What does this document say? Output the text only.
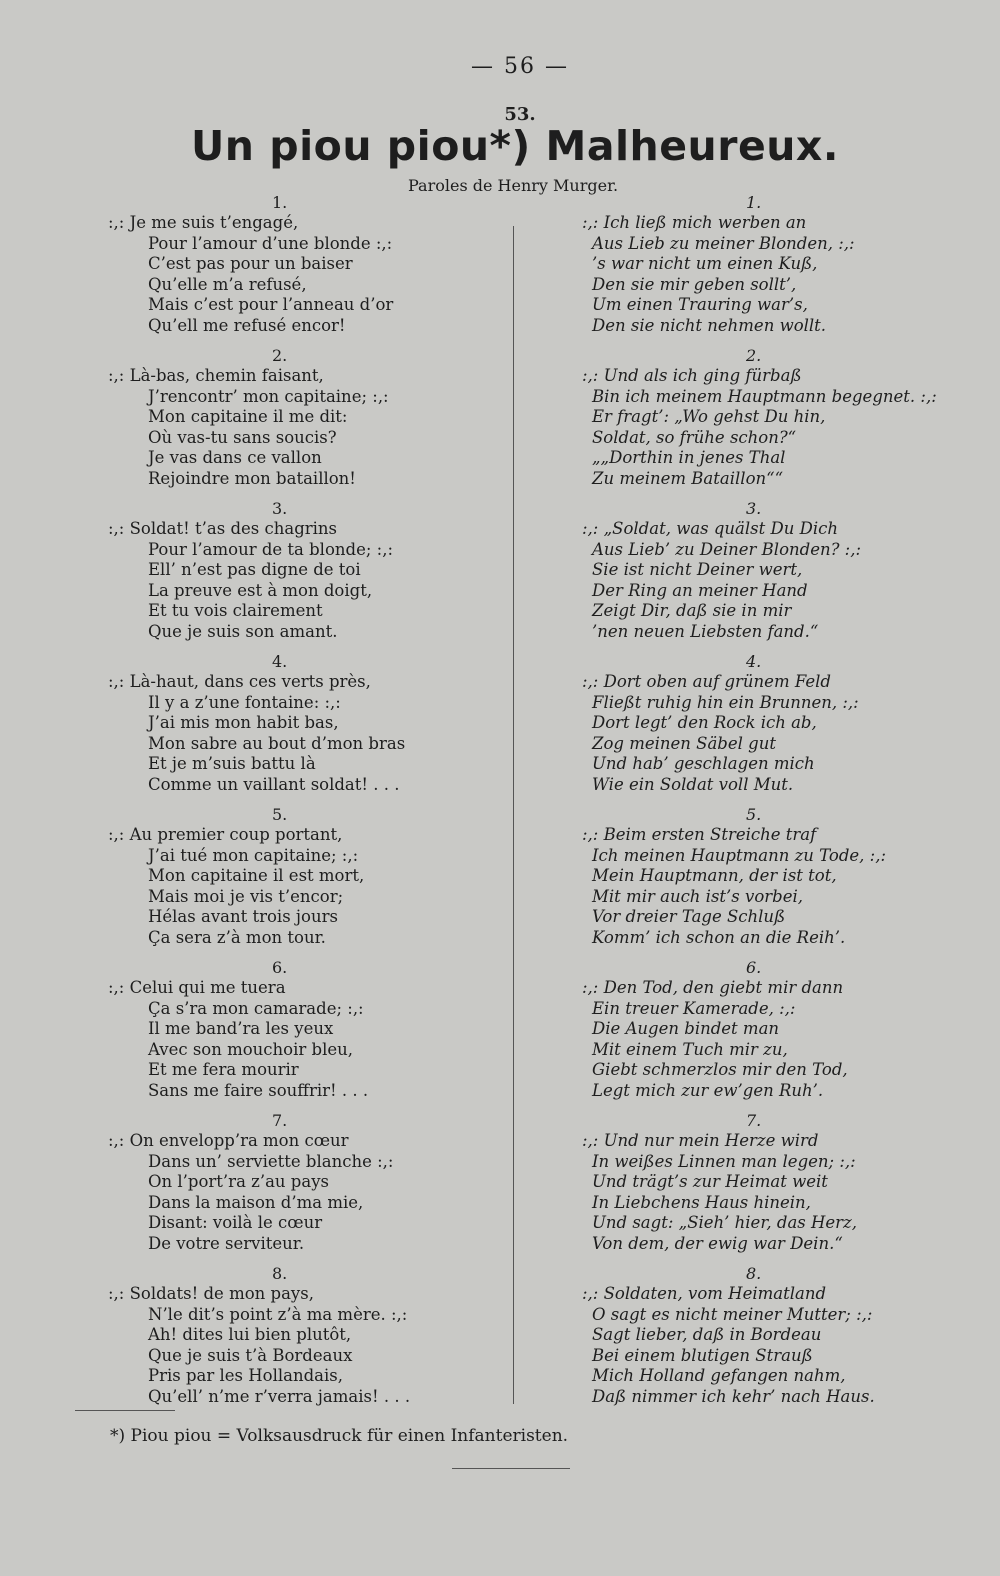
— 56 —
53.
Un piou piou*) Malheureux.
Paroles de Henry Murger.
1.
:,: Je me suis t’engagé,
Pour l’amour d’une blonde :,:
C’est pas pour un baiser
Qu’elle m’a refusé,
Mais c’est pour l’anneau d’or
Qu’ell me refusé encor!
2.
:,: Là-bas, chemin faisant,
J’rencontr’ mon capitaine; :,:
Mon capitaine il me dit:
Où vas-tu sans soucis?
Je vas dans ce vallon
Rejoindre mon bataillon!
3.
:,: Soldat! t’as des chagrins
Pour l’amour de ta blonde; :,:
Ell’ n’est pas digne de toi
La preuve est à mon doigt,
Et tu vois clairement
Que je suis son amant.
4.
:,: Là-haut, dans ces verts près,
Il y a z’une fontaine: :,:
J’ai mis mon habit bas,
Mon sabre au bout d’mon bras
Et je m’suis battu là
Comme un vaillant soldat! . . .
5.
:,: Au premier coup portant,
J’ai tué mon capitaine; :,:
Mon capitaine il est mort,
Mais moi je vis t’encor;
Hélas avant trois jours
Ça sera z’à mon tour.
6.
:,: Celui qui me tuera
Ça s’ra mon camarade; :,:
Il me band’ra les yeux
Avec son mouchoir bleu,
Et me fera mourir
Sans me faire souffrir! . . .
7.
:,: On envelopp’ra mon cœur
Dans un’ serviette blanche :,:
On l’port’ra z’au pays
Dans la maison d’ma mie,
Disant: voilà le cœur
De votre serviteur.
8.
:,: Soldats! de mon pays,
N’le dit’s point z’à ma mère. :,:
Ah! dites lui bien plutôt,
Que je suis t’à Bordeaux
Pris par les Hollandais,
Qu’ell’ n’me r’verra jamais! . . .
1.
:,: Ich ließ mich werben an
Aus Lieb zu meiner Blonden, :,:
’s war nicht um einen Kuß,
Den sie mir geben sollt’,
Um einen Trauring war’s,
Den sie nicht nehmen wollt.
2.
:,: Und als ich ging fürbaß
Bin ich meinem Hauptmann begegnet. :,:
Er fragt’: „Wo gehst Du hin,
Soldat, so frühe schon?“
„„Dorthin in jenes Thal
Zu meinem Bataillon““
3.
:,: „Soldat, was quälst Du Dich
Aus Lieb’ zu Deiner Blonden? :,:
Sie ist nicht Deiner wert,
Der Ring an meiner Hand
Zeigt Dir, daß sie in mir
’nen neuen Liebsten fand.“
4.
:,: Dort oben auf grünem Feld
Fließt ruhig hin ein Brunnen, :,:
Dort legt’ den Rock ich ab,
Zog meinen Säbel gut
Und hab’ geschlagen mich
Wie ein Soldat voll Mut.
5.
:,: Beim ersten Streiche traf
Ich meinen Hauptmann zu Tode, :,:
Mein Hauptmann, der ist tot,
Mit mir auch ist’s vorbei,
Vor dreier Tage Schluß
Komm’ ich schon an die Reih’.
6.
:,: Den Tod, den giebt mir dann
Ein treuer Kamerade, :,:
Die Augen bindet man
Mit einem Tuch mir zu,
Giebt schmerzlos mir den Tod,
Legt mich zur ew’gen Ruh’.
7.
:,: Und nur mein Herze wird
In weißes Linnen man legen; :,:
Und trägt’s zur Heimat weit
In Liebchens Haus hinein,
Und sagt: „Sieh’ hier, das Herz,
Von dem, der ewig war Dein.“
8.
:,: Soldaten, vom Heimatland
O sagt es nicht meiner Mutter; :,:
Sagt lieber, daß in Bordeau
Bei einem blutigen Strauß
Mich Holland gefangen nahm,
Daß nimmer ich kehr’ nach Haus.
*) Piou piou = Volksausdruck für einen Infanteristen.
